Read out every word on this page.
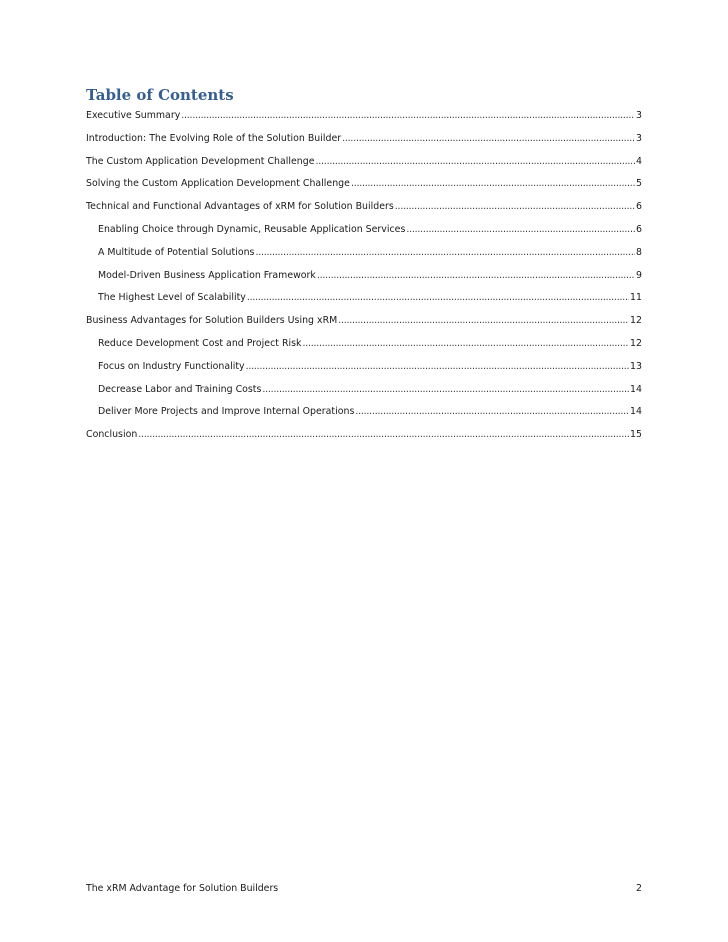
Table of Contents
Executive Summary . . .	3
Introduction: The Evolving Role of the Solution Builder . . .	3
The Custom Application Development Challenge . . .	4
Solving the Custom Application Development Challenge . . .	5
Technical and Functional Advantages of xRM for Solution Builders . . .	6
Enabling Choice through Dynamic, Reusable Application Services . . .	6
A Multitude of Potential Solutions . . .	8
Model-Driven Business Application Framework . . .	9
The Highest Level of Scalability . . .	11
Business Advantages for Solution Builders Using xRM . . .	12
Reduce Development Cost and Project Risk . . .	12
Focus on Industry Functionality . . .	13
Decrease Labor and Training Costs . . .	14
Deliver More Projects and Improve Internal Operations . . .	14
Conclusion . . .	15
The xRM Advantage for Solution Builders	2
